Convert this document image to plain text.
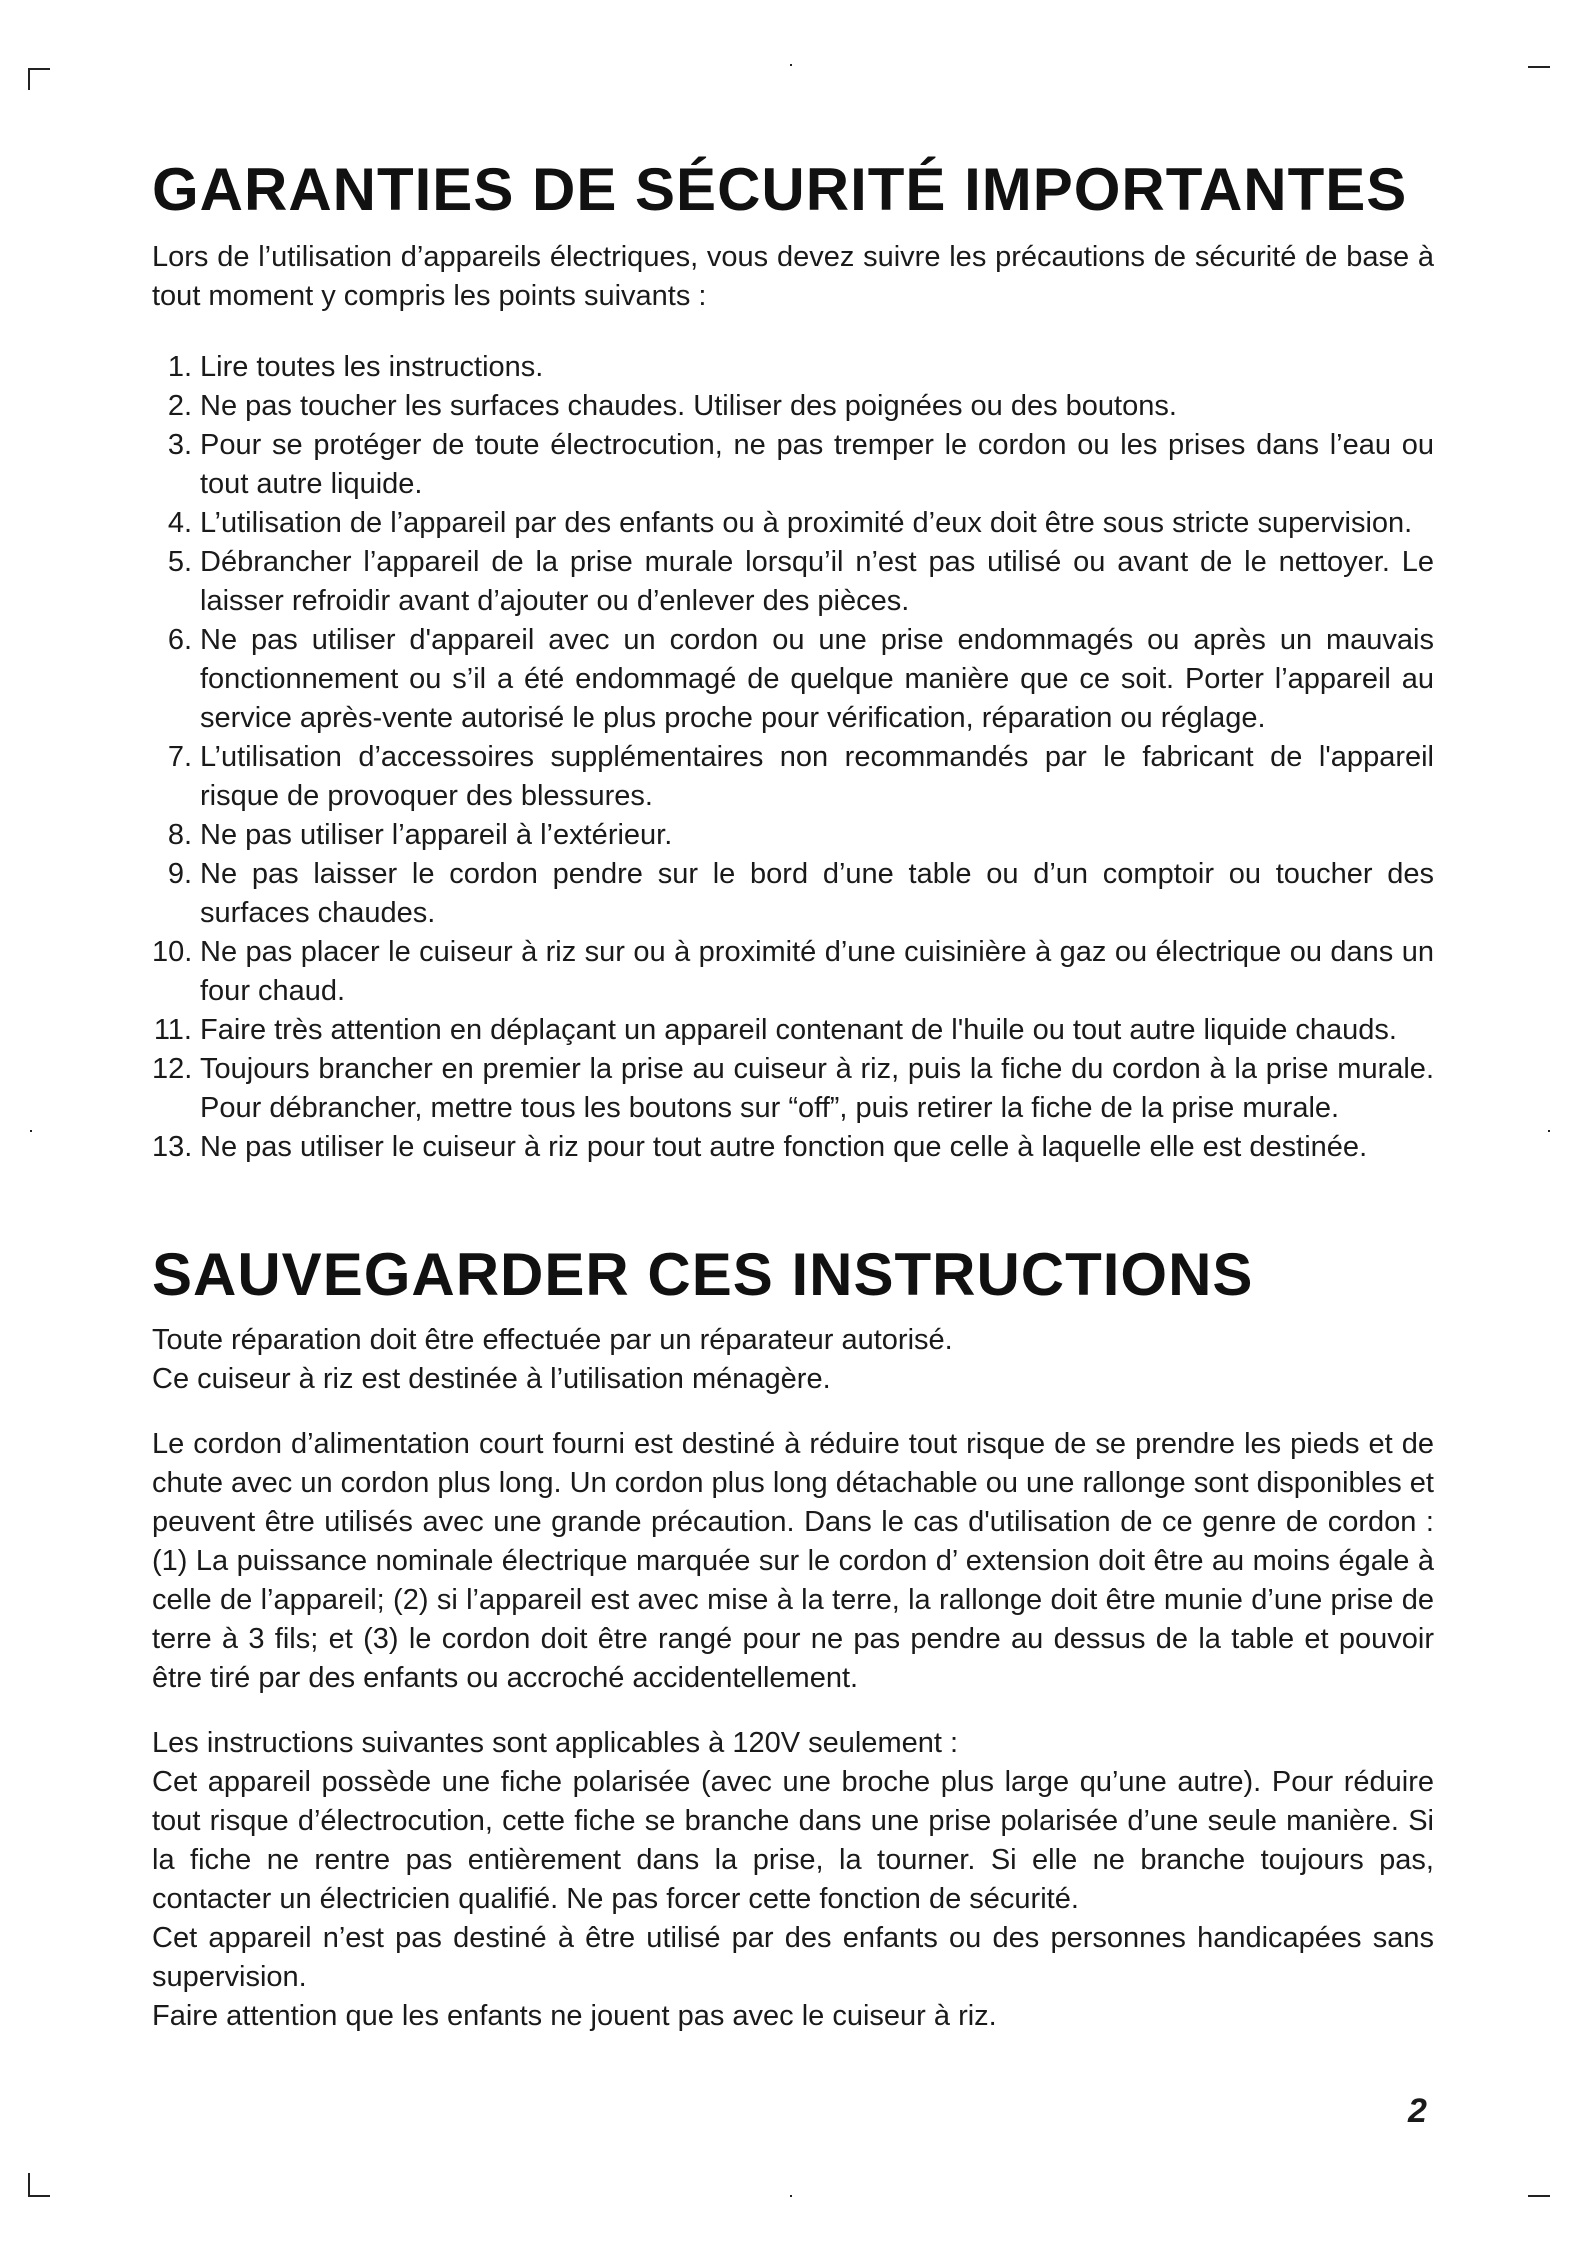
GARANTIES DE SÉCURITÉ IMPORTANTES

Lors de l’utilisation d’appareils électriques, vous devez suivre les précautions de sécurité de base à tout moment y compris les points suivants :

1. Lire toutes les instructions.
2. Ne pas toucher les surfaces chaudes. Utiliser des poignées ou des boutons.
3. Pour se protéger de toute électrocution, ne pas tremper le cordon ou les prises dans l’eau ou tout autre liquide.
4. L’utilisation de l’appareil par des enfants ou à proximité d’eux doit être sous stricte supervision.
5. Débrancher l’appareil de la prise murale lorsqu’il n’est pas utilisé ou avant de le nettoyer. Le laisser refroidir avant d’ajouter ou d’enlever des pièces.
6. Ne pas utiliser d'appareil avec un cordon ou une prise endommagés ou après un mauvais fonctionnement ou s’il a été endommagé de quelque manière que ce soit. Porter l’appareil au service après-vente autorisé le plus proche pour vérification, réparation ou réglage.
7. L’utilisation d’accessoires supplémentaires non recommandés par le fabricant de l'appareil risque de provoquer des blessures.
8. Ne pas utiliser l’appareil à l’extérieur.
9. Ne pas laisser le cordon pendre sur le bord d’une table ou d’un comptoir ou toucher des surfaces chaudes.
10. Ne pas placer le cuiseur à riz sur ou à proximité d’une cuisinière à gaz ou électrique ou dans un four chaud.
11. Faire très attention en déplaçant un appareil contenant de l'huile ou tout autre liquide chauds.
12. Toujours brancher en premier la prise au cuiseur à riz, puis la fiche du cordon à la prise murale. Pour débrancher, mettre tous les boutons sur “off”, puis retirer la fiche de la prise murale.
13. Ne pas utiliser le cuiseur à riz pour tout autre fonction que celle à laquelle elle est destinée.
SAUVEGARDER CES INSTRUCTIONS

Toute réparation doit être effectuée par un réparateur autorisé.

Ce cuiseur à riz est destinée à l’utilisation ménagère.

Le cordon d’alimentation court fourni est destiné à réduire tout risque de se prendre les pieds et de chute avec un cordon plus long. Un cordon plus long détachable ou une rallonge sont disponibles et peuvent être utilisés avec une grande précaution. Dans le cas d'utilisation de ce genre de cordon : (1) La puissance nominale électrique marquée sur le cordon d’ extension doit être au moins égale à celle de l’appareil; (2) si l’appareil est avec mise à la terre, la rallonge doit être munie d’une prise de terre à 3 fils; et (3) le cordon doit être rangé pour ne pas pendre au dessus de la table et pouvoir être tiré par des enfants ou accroché accidentellement.

Les instructions suivantes sont applicables à 120V seulement :

Cet appareil possède une fiche polarisée (avec une broche plus large qu’une autre). Pour réduire tout risque d’électrocution, cette fiche se branche dans une prise polarisée d’une seule manière. Si la fiche ne rentre pas entièrement dans la prise, la tourner. Si elle ne branche toujours pas, contacter un électricien qualifié. Ne pas forcer cette fonction de sécurité.

Cet appareil n’est pas destiné à être utilisé par des enfants ou des personnes handicapées sans supervision.

Faire attention que les enfants ne jouent pas avec le cuiseur à riz.

2
